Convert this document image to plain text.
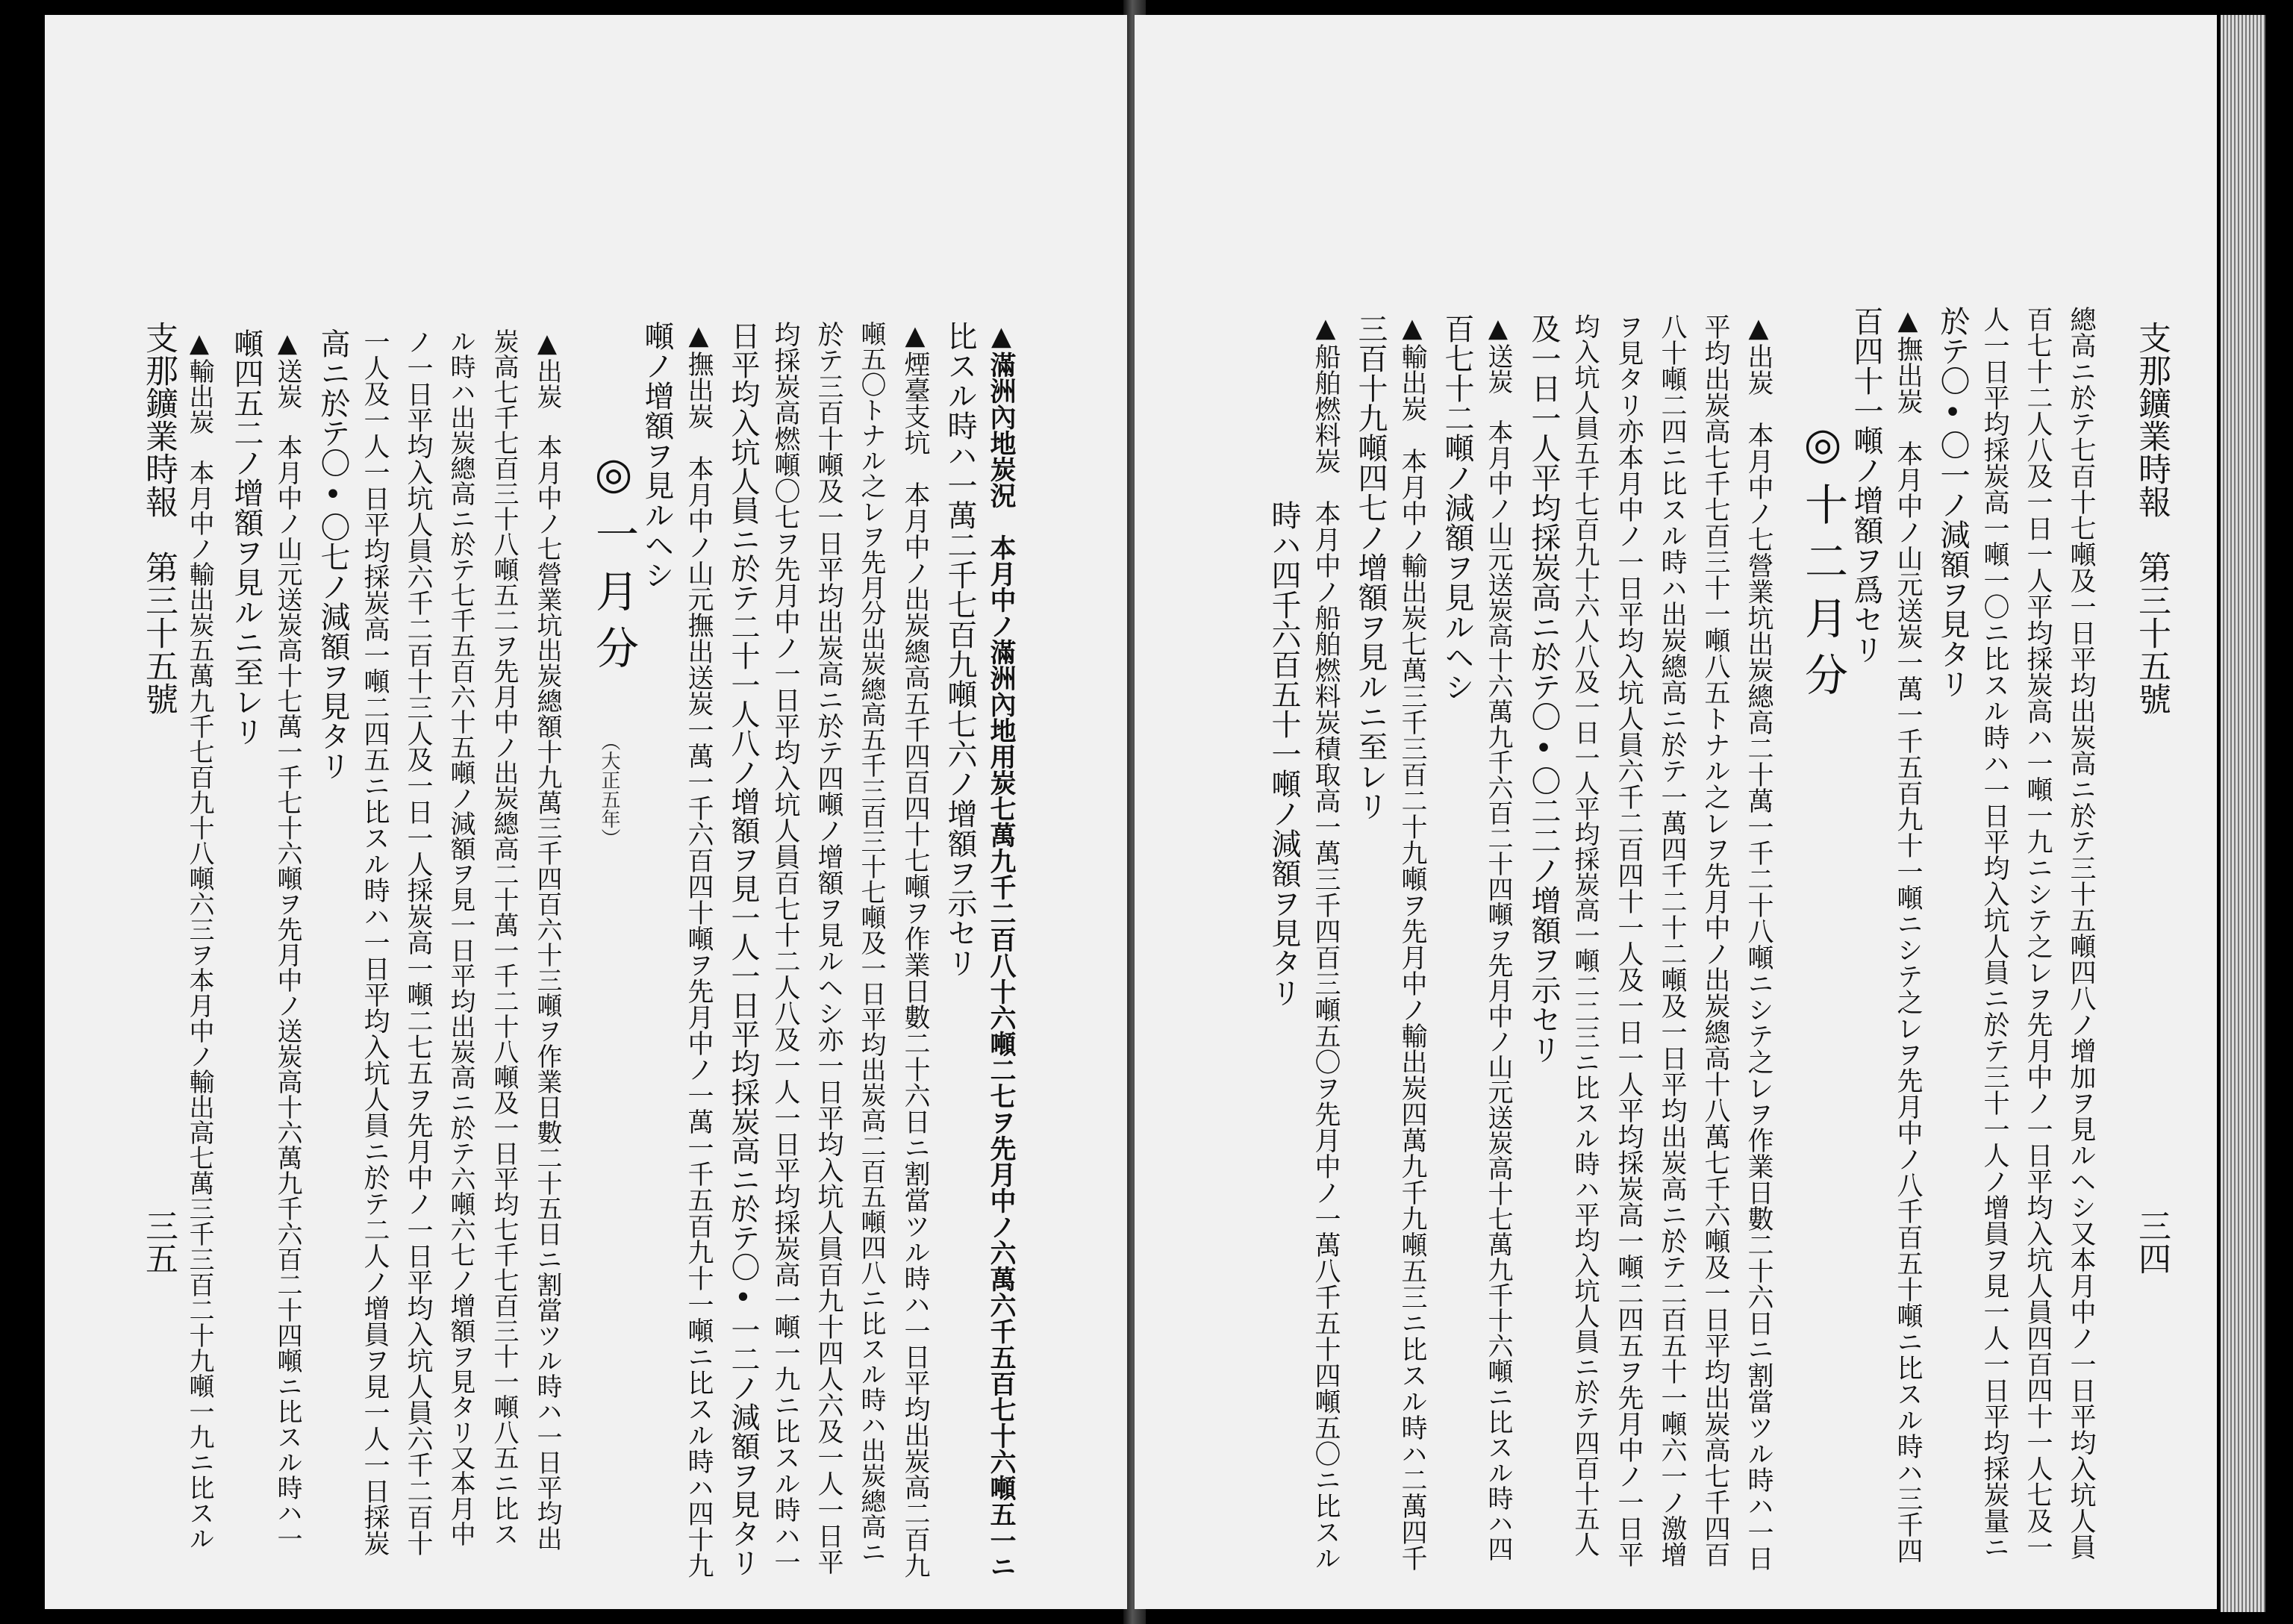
三五
支那鑛業時報　第三十五號 ▲輸出炭　本月中ノ輸出炭五萬九千七百九十八噸六三ヲ本月中ノ輸出高七萬三千三百二十九噸一九ニ比スル 噸四五二ノ增額ヲ見ルニ至レリ ▲送炭　本月中ノ山元送炭高十七萬一千七十六噸ヲ先月中ノ送炭高十六萬九千六百二十四噸ニ比スル時ハ一 高ニ於テ〇•〇七ノ減額ヲ見タリ 一人及一人一日平均採炭高一噸二四五ニ比スル時ハ一日平均入坑人員ニ於テ二人ノ增員ヲ見一人一日採炭 ノ一日平均入坑人員六千二百十三人及一日一人採炭高一噸二七五ヲ先月中ノ一日平均入坑人員六千二百十 ル時ハ出炭總高ニ於テ七千五百六十五噸ノ減額ヲ見一日平均出炭高ニ於テ六噸六七ノ增額ヲ見タリ又本月中 炭高七千七百三十八噸五二ヲ先月中ノ出炭總高二十萬一千二十八噸及一日平均七千七百三十一噸八五ニ比ス ▲出炭　本月中ノ七營業坑出炭總額十九萬三千四百六十三噸ヲ作業日數二十五日ニ割當ツル時ハ一日平均出 ◎一月分
（大正五年）
噸ノ增額ヲ見ルヘシ ▲撫出炭　本月中ノ山元撫出送炭一萬一千六百四十噸ヲ先月中ノ一萬一千五百九十一噸ニ比スル時ハ四十九 日平均入坑人員ニ於テ二十一人八ノ增額ヲ見一人一日平均採炭高ニ於テ〇•一二ノ減額ヲ見タリ 均採炭高燃噸〇七ヲ先月中ノ一日平均入坑人員百七十二人八及一人一日平均採炭高一噸一九ニ比スル時ハ一 於テ三百十噸及一日平均出炭高ニ於テ四噸ノ增額ヲ見ルヘシ亦一日平均入坑人員百九十四人六及一人一日平 噸五〇トナル之レヲ先月分出炭總高五千三百三十七噸及一日平均出炭高二百五噸四八ニ比スル時ハ出炭總高ニ ▲煙臺支坑　本月中ノ出炭總高五千四百四十七噸ヲ作業日數二十六日ニ割當ツル時ハ一日平均出炭高二百九 比スル時ハ一萬二千七百九噸七六ノ增額ヲ示セリ ▲滿洲內地炭況　本月中ノ滿洲內地用炭七萬九千二百八十六噸二七ヲ先月中ノ六萬六千五百七十六噸五一ニ	時ハ四千六百五十一噸ノ減額ヲ見タリ ▲船舶燃料炭　本月中ノ船舶燃料炭積取高一萬三千四百三噸五〇ヲ先月中ノ一萬八千五十四噸五〇ニ比スル 三百十九噸四七ノ增額ヲ見ルニ至レリ ▲輸出炭　本月中ノ輸出炭七萬三千三百二十九噸ヲ先月中ノ輸出炭四萬九千九噸五三ニ比スル時ハ二萬四千 百七十二噸ノ減額ヲ見ルヘシ ▲送炭　本月中ノ山元送炭高十六萬九千六百二十四噸ヲ先月中ノ山元送炭高十七萬九千十六噸ニ比スル時ハ四 及一日一人平均採炭高ニ於テ〇•〇二二ノ增額ヲ示セリ 均入坑人員五千七百九十六人八及一日一人平均採炭高一噸二二三ニ比スル時ハ平均入坑人員ニ於テ四百十五人 ヲ見タリ亦本月中ノ一日平均入坑人員六千二百四十一人及一日一人平均採炭高一噸二四五ヲ先月中ノ一日平 八十噸二四ニ比スル時ハ出炭總高ニ於テ一萬四千二十二噸及一日平均出炭高ニ於テ二百五十一噸六一ノ激增 平均出炭高七千七百三十一噸八五トナル之レヲ先月中ノ出炭總高十八萬七千六噸及一日平均出炭高七千四百 ▲出炭　本月中ノ七營業坑出炭總高二十萬一千二十八噸ニシテ之レヲ作業日數二十六日ニ割當ツル時ハ一日 ◎十二月分 百四十一噸ノ增額ヲ爲セリ ▲撫出炭　本月中ノ山元送炭一萬一千五百九十一噸ニシテ之レヲ先月中ノ八千百五十噸ニ比スル時ハ三千四 於テ〇•〇一ノ減額ヲ見タリ 人一日平均採炭高一噸一〇ニ比スル時ハ一日平均入坑人員ニ於テ三十一人ノ增員ヲ見一人一日平均採炭量ニ 百七十二人八及一日一人平均採炭高ハ一噸一九ニシテ之レヲ先月中ノ一日平均入坑人員四百四十一人七及一 總高ニ於テ七百十七噸及一日平均出炭高ニ於テ三十五噸四八ノ增加ヲ見ルヘシ又本月中ノ一日平均入坑人員 支那鑛業時報　第三十五號
三四
